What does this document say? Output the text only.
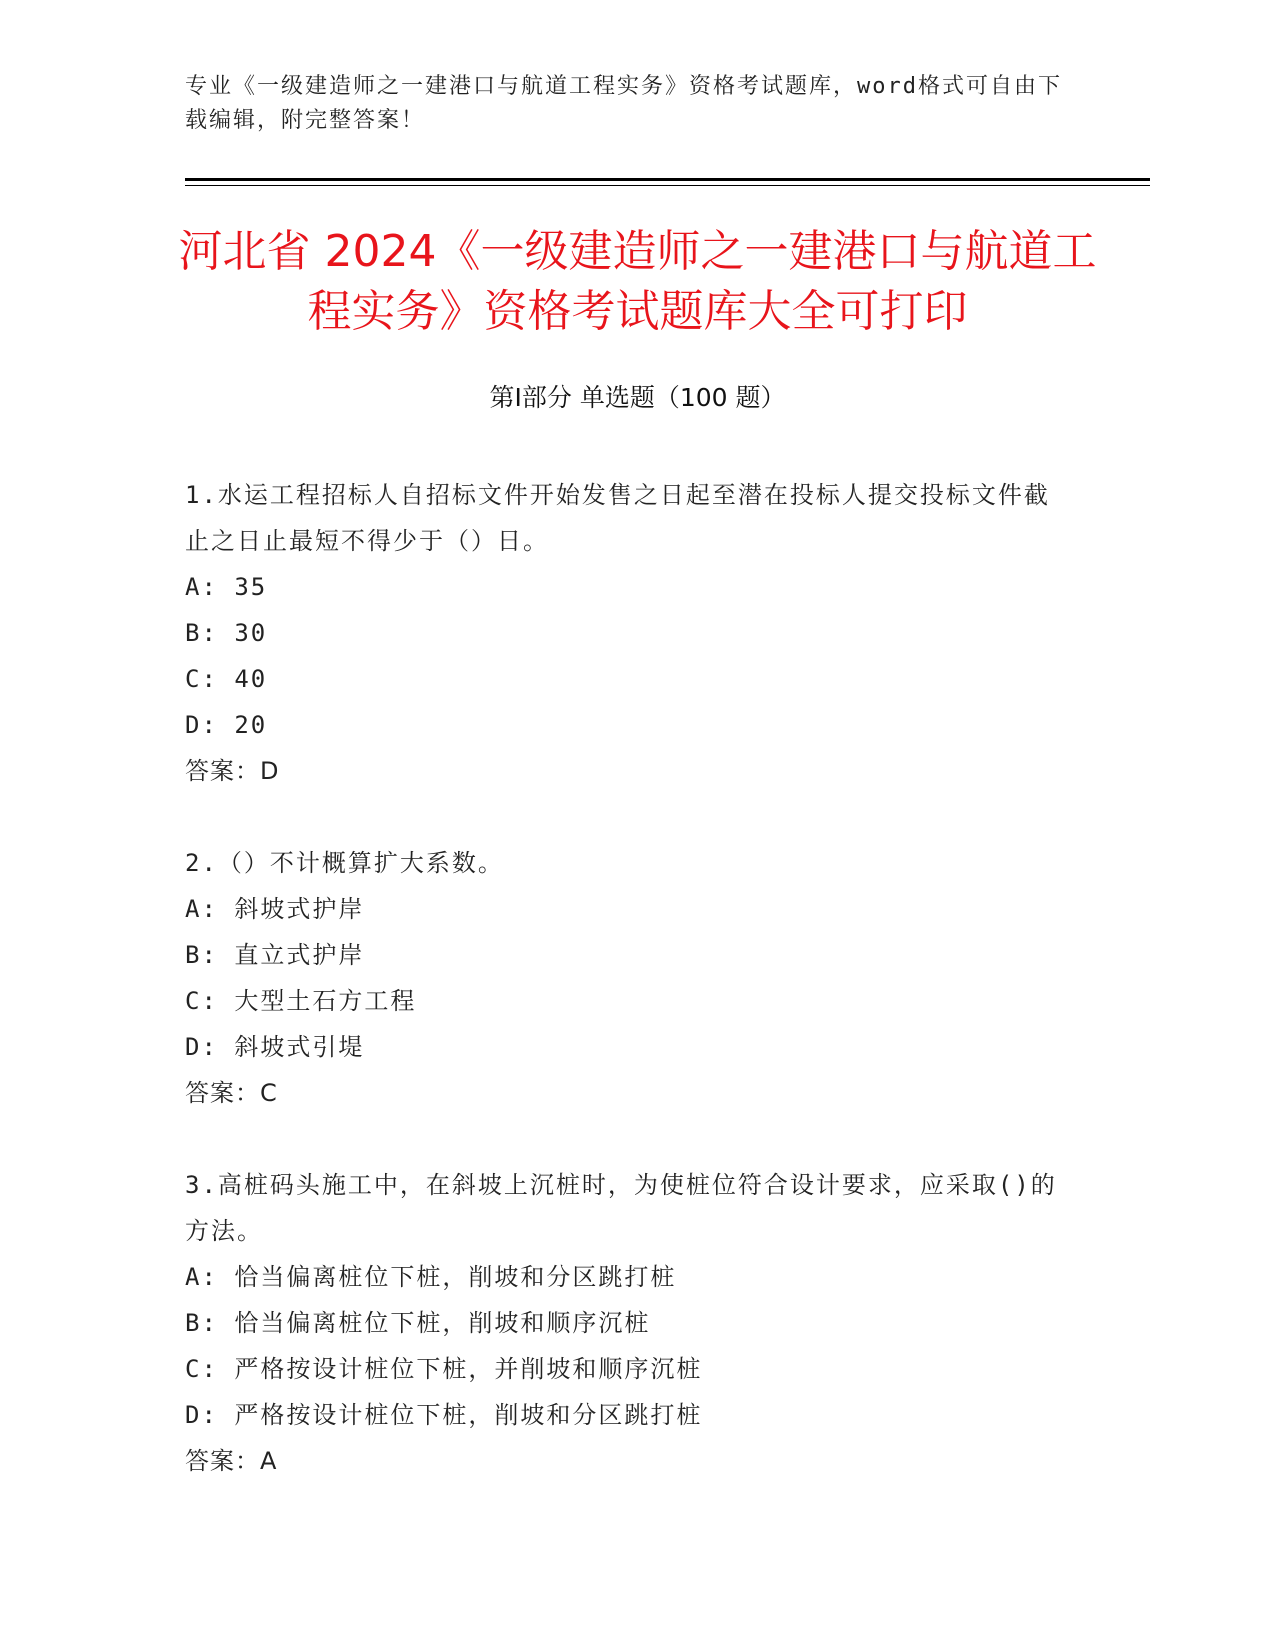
专业《一级建造师之一建港口与航道工程实务》资格考试题库，word格式可自由下载编辑，附完整答案！
河北省 2024《一级建造师之一建港口与航道工程实务》资格考试题库大全可打印
第Ⅰ部分 单选题（100 题）

1.水运工程招标人自招标文件开始发售之日起至潜在投标人提交投标文件截止之日止最短不得少于（）日。

A: 35

B: 30

C: 40

D: 20

答案：D

2.（）不计概算扩大系数。

A: 斜坡式护岸

B: 直立式护岸

C: 大型土石方工程

D: 斜坡式引堤

答案：C

3.高桩码头施工中，在斜坡上沉桩时，为使桩位符合设计要求，应采取()的方法。

A: 恰当偏离桩位下桩，削坡和分区跳打桩

B: 恰当偏离桩位下桩，削坡和顺序沉桩

C: 严格按设计桩位下桩，并削坡和顺序沉桩

D: 严格按设计桩位下桩，削坡和分区跳打桩

答案：A
